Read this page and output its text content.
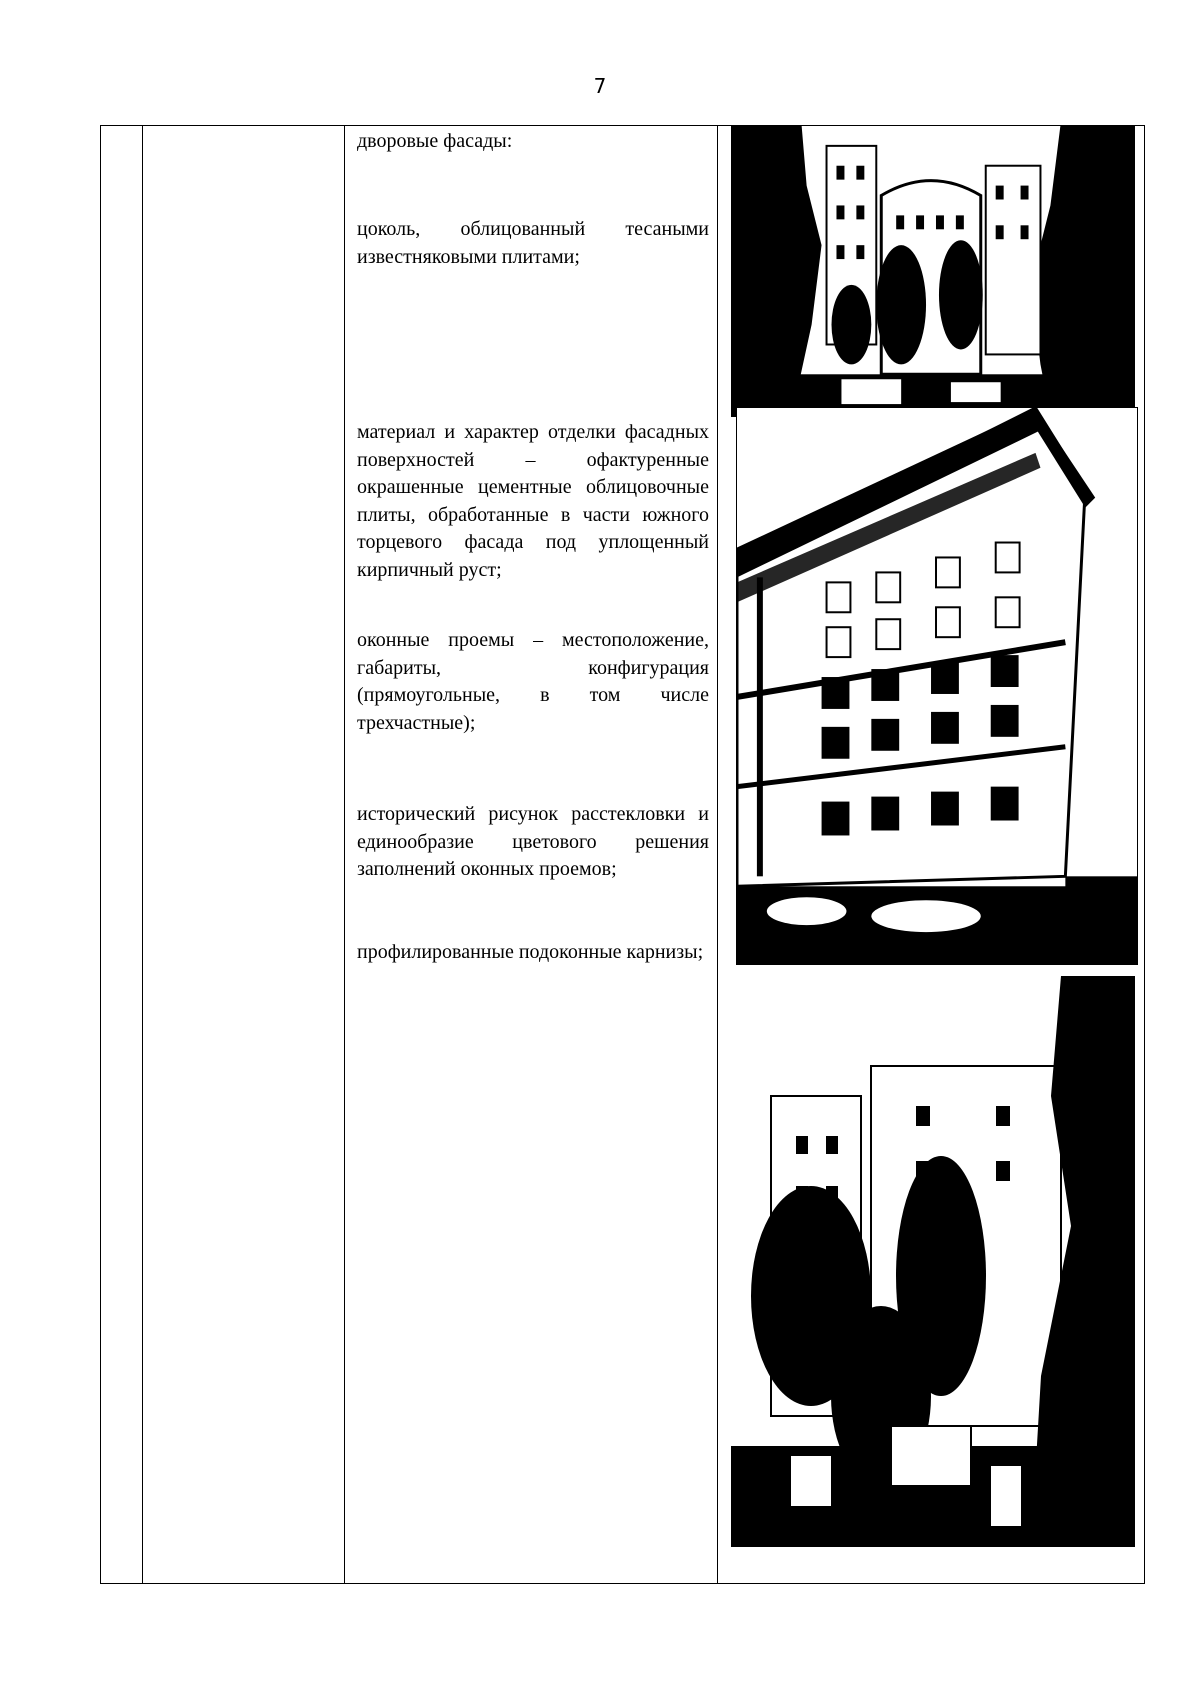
7

дворовые фасады:

цоколь, облицованный тесаными известняковыми плитами;

материал и характер отделки фасадных поверхностей – офактуренные окрашенные цементные облицовочные плиты, обработанные в части южного торцевого фасада под уплощенный кирпичный руст;

оконные проемы – местоположение, габариты, конфигурация (прямоугольные, в том числе трехчастные);

исторический рисунок расстекловки и единообразие цветового решения заполнений оконных проемов;

профилированные подоконные карнизы;
